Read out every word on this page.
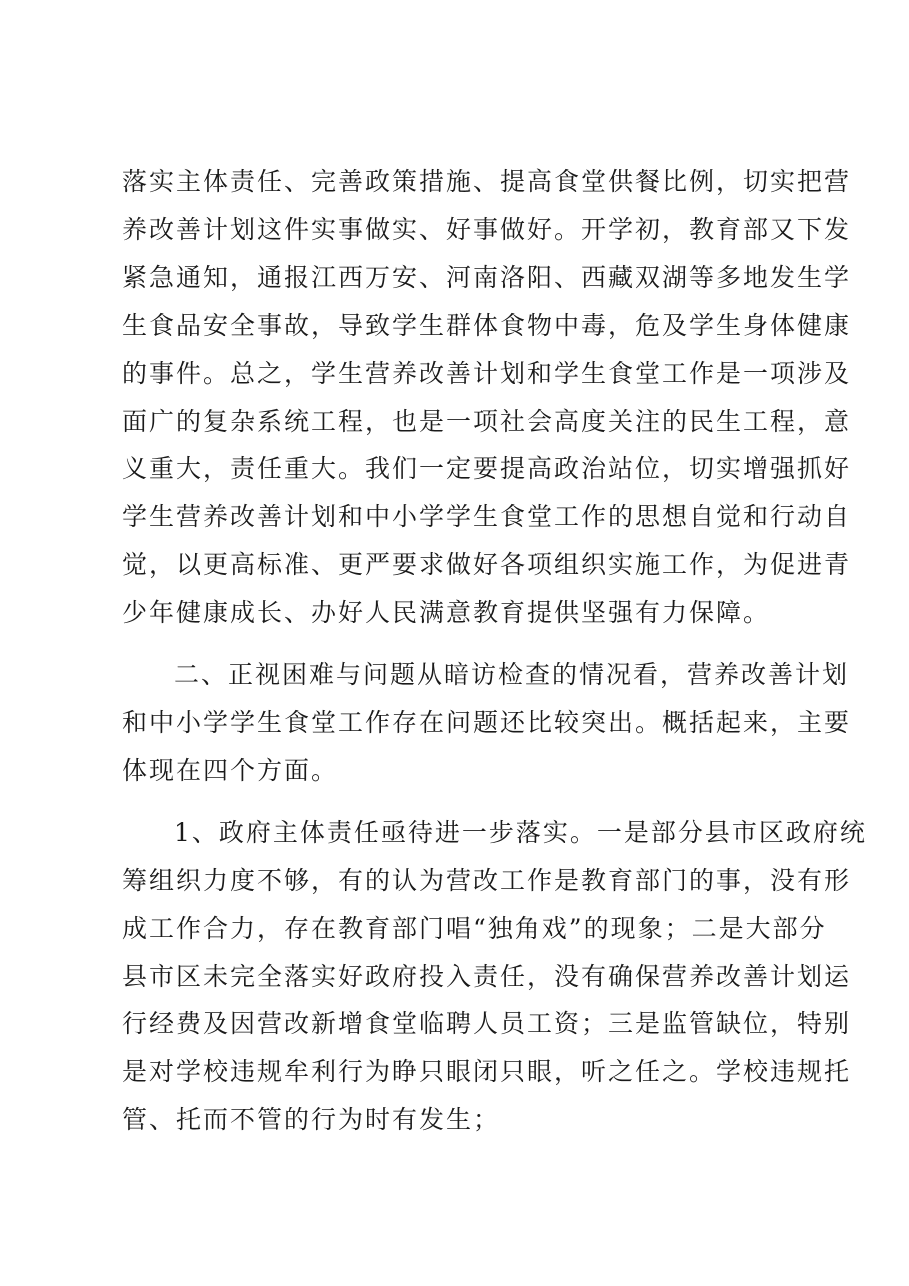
落实主体责任、完善政策措施、提高食堂供餐比例，切实把营
养改善计划这件实事做实、好事做好。开学初，教育部又下发
紧急通知，通报江西万安、河南洛阳、西藏双湖等多地发生学
生食品安全事故，导致学生群体食物中毒，危及学生身体健康
的事件。总之，学生营养改善计划和学生食堂工作是一项涉及
面广的复杂系统工程，也是一项社会高度关注的民生工程，意
义重大，责任重大。我们一定要提高政治站位，切实增强抓好
学生营养改善计划和中小学学生食堂工作的思想自觉和行动自
觉，以更高标准、更严要求做好各项组织实施工作，为促进青
少年健康成长、办好人民满意教育提供坚强有力保障。
二、正视困难与问题从暗访检查的情况看，营养改善计划
和中小学学生食堂工作存在问题还比较突出。概括起来，主要
体现在四个方面。
1、政府主体责任亟待进一步落实。一是部分县市区政府统
筹组织力度不够，有的认为营改工作是教育部门的事，没有形
成工作合力，存在教育部门唱“独角戏”的现象；二是大部分
县市区未完全落实好政府投入责任，没有确保营养改善计划运
行经费及因营改新增食堂临聘人员工资；三是监管缺位，特别
是对学校违规牟利行为睁只眼闭只眼，听之任之。学校违规托
管、托而不管的行为时有发生；
